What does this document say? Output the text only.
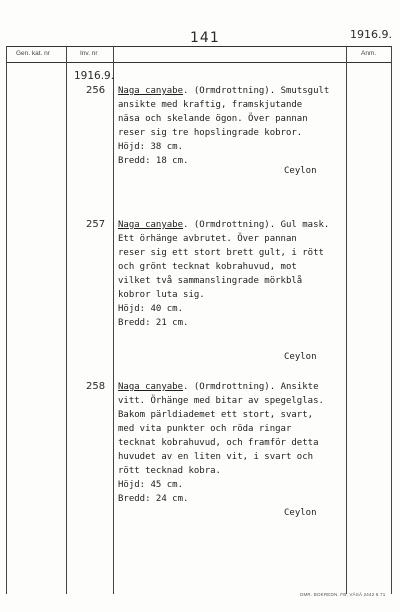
141	1916.9.
Gen. kat. nr	Inv. nr	Anm.
1916.9.
256 Naga canyabe. (Ormdrottning). Smutsgult
ansikte med kraftig, framskjutande
näsa och skelande ögon. Över pannan
reser sig tre hopslingrade kobror.
Höjd: 38 cm.
Bredd: 18 cm.
Ceylon
257 Naga canyabe. (Ormdrottning). Gul mask.
Ett örhänge avbrutet. Över pannan
reser sig ett stort brett gult, i rött
och grönt tecknat kobrahuvud, mot
vilket två sammanslingrade mörkblå
kobror luta sig.
Höjd: 40 cm.
Bredd: 21 cm.
Ceylon
258 Naga canyabe. (Ormdrottning). Ansikte
vitt. Örhänge med bitar av spegelglas.
Bakom pärldiademet ett stort, svart,
med vita punkter och röda ringar
tecknat kobrahuvud, och framför detta
huvudet av en liten vit, i svart och
rött tecknad kobra.
Höjd: 45 cm.
Bredd: 24 cm.
Ceylon
DMR. BOKREDN. FB, VÄSÄ 2442 8 71
